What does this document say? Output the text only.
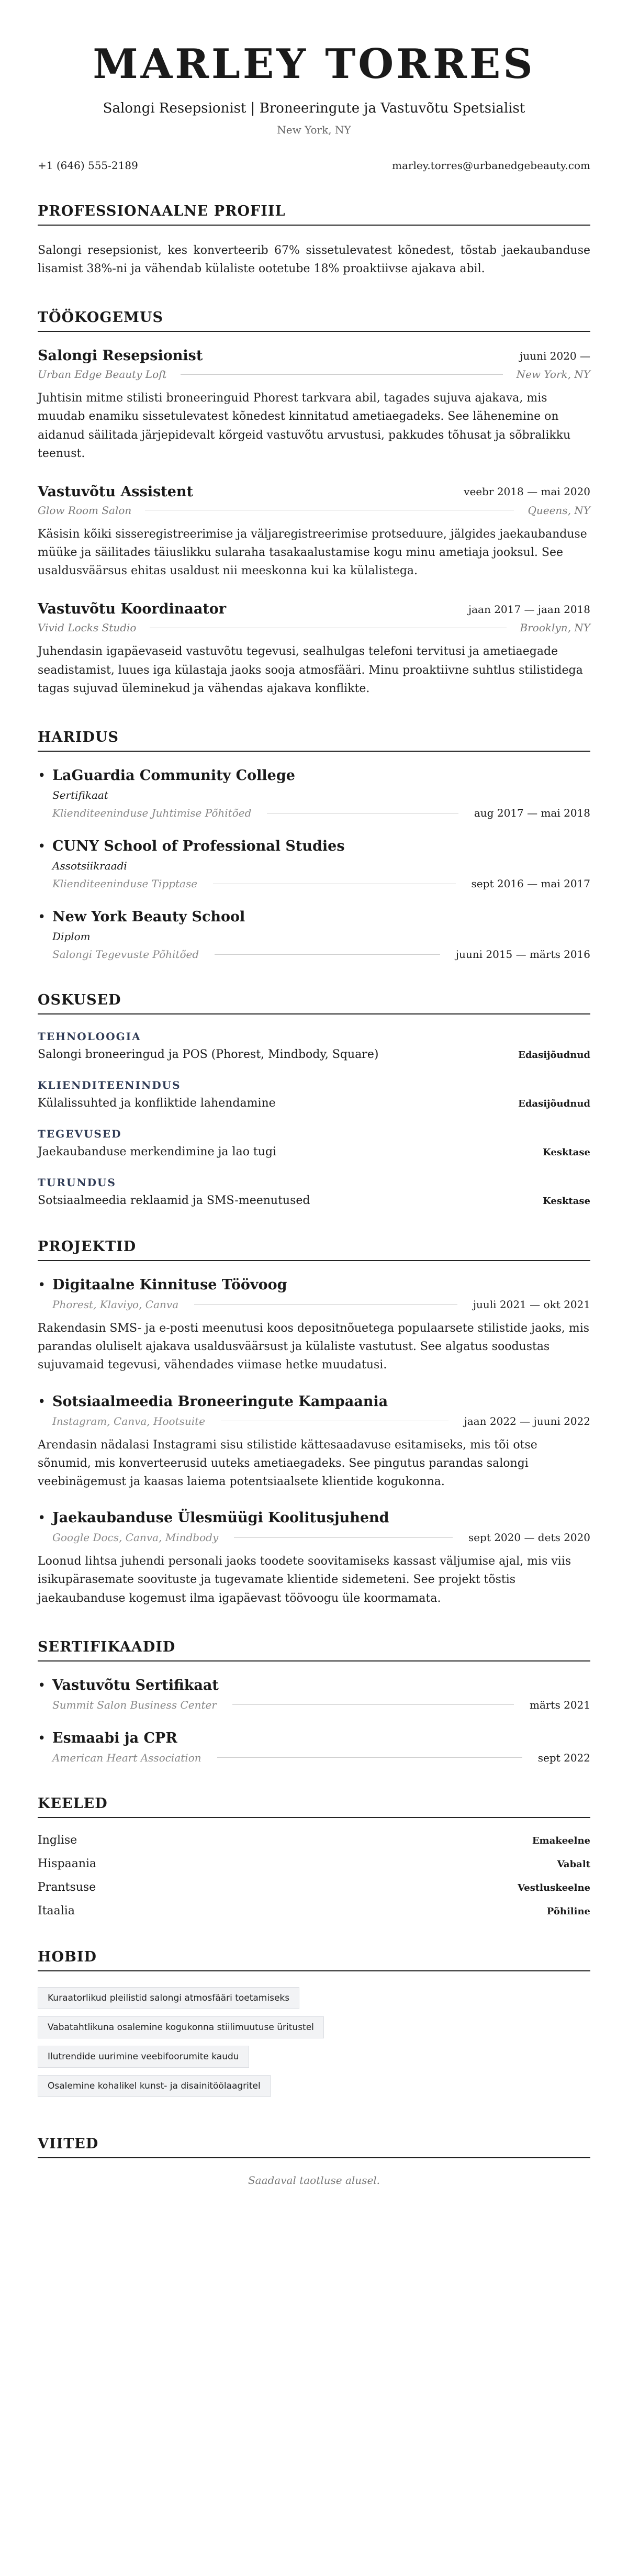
MARLEY TORRES
Salongi Resepsionist | Broneeringute ja Vastuvõtu Spetsialist
New York, NY
+1 (646) 555-2189	marley.torres@urbanedgebeauty.com
PROFESSIONAALNE PROFIIL
Salongi resepsionist, kes konverteerib 67% sissetulevatest kõnedest, tõstab jaekaubanduse lisamist 38%-ni ja vähendab külaliste ootetube 18% proaktiivse ajakava abil.
TÖÖKOGEMUS
Salongi Resepsionist	juuni 2020 —
Urban Edge Beauty Loft	New York, NY
Juhtisin mitme stilisti broneeringuid Phorest tarkvara abil, tagades sujuva ajakava, mis muudab enamiku sissetulevatest kõnedest kinnitatud ametiaegadeks. See lähenemine on aidanud säilitada järjepidevalt kõrgeid vastuvõtu arvustusi, pakkudes tõhusat ja sõbralikku teenust.
Vastuvõtu Assistent	veebr 2018 — mai 2020
Glow Room Salon	Queens, NY
Käsisin kõiki sisseregistreerimise ja väljaregistreerimise protseduure, jälgides jaekaubanduse müüke ja säilitades täiuslikku sularaha tasakaalustamise kogu minu ametiaja jooksul. See usaldusväärsus ehitas usaldust nii meeskonna kui ka külalistega.
Vastuvõtu Koordinaator	jaan 2017 — jaan 2018
Vivid Locks Studio	Brooklyn, NY
Juhendasin igapäevaseid vastuvõtu tegevusi, sealhulgas telefoni tervitusi ja ametiaegade seadistamist, luues iga külastaja jaoks sooja atmosfääri. Minu proaktiivne suhtlus stilistidega tagas sujuvad üleminekud ja vähendas ajakava konflikte.
HARIDUS
• LaGuardia Community College
Sertifikaat
Klienditeeninduse Juhtimise Põhitõed	aug 2017 — mai 2018
• CUNY School of Professional Studies
Assotsiikraadi
Klienditeeninduse Tipptase	sept 2016 — mai 2017
• New York Beauty School
Diplom
Salongi Tegevuste Põhitõed	juuni 2015 — märts 2016
OSKUSED
TEHNOLOOGIA
Salongi broneeringud ja POS (Phorest, Mindbody, Square)	Edasijõudnud
KLIENDITEENINDUS
Külalissuhted ja konfliktide lahendamine	Edasijõudnud
TEGEVUSED
Jaekaubanduse merkendimine ja lao tugi	Kesktase
TURUNDUS
Sotsiaalmeedia reklaamid ja SMS-meenutused	Kesktase
PROJEKTID
• Digitaalne Kinnituse Töövoog
Phorest, Klaviyo, Canva	juuli 2021 — okt 2021
Rakendasin SMS- ja e-posti meenutusi koos depositnõuetega populaarsete stilistide jaoks, mis parandas oluliselt ajakava usaldusväärsust ja külaliste vastutust. See algatus soodustas sujuvamaid tegevusi, vähendades viimase hetke muudatusi.
• Sotsiaalmeedia Broneeringute Kampaania
Instagram, Canva, Hootsuite	jaan 2022 — juuni 2022
Arendasin nädalasi Instagrami sisu stilistide kättesaadavuse esitamiseks, mis tõi otse sõnumid, mis konverteerusid uuteks ametiaegadeks. See pingutus parandas salongi veebinägemust ja kaasas laiema potentsiaalsete klientide kogukonna.
• Jaekaubanduse Ülesmüügi Koolitusjuhend
Google Docs, Canva, Mindbody	sept 2020 — dets 2020
Loonud lihtsa juhendi personali jaoks toodete soovitamiseks kassast väljumise ajal, mis viis isikupärasemate soovituste ja tugevamate klientide sidemeteni. See projekt tõstis jaekaubanduse kogemust ilma igapäevast töövoogu üle koormamata.
SERTIFIKAADID
• Vastuvõtu Sertifikaat
Summit Salon Business Center	märts 2021
• Esmaabi ja CPR
American Heart Association	sept 2022
KEELED
Inglise	Emakeelne
Hispaania	Vabalt
Prantsuse	Vestluskeelne
Itaalia	Põhiline
HOBID
Kuraatorlikud pleilistid salongi atmosfääri toetamiseks
Vabatahtlikuna osalemine kogukonna stiilimuutuse üritustel
Ilutrendide uurimine veebifoorumite kaudu
Osalemine kohalikel kunst- ja disainitöölaagritel
VIITED
Saadaval taotluse alusel.
